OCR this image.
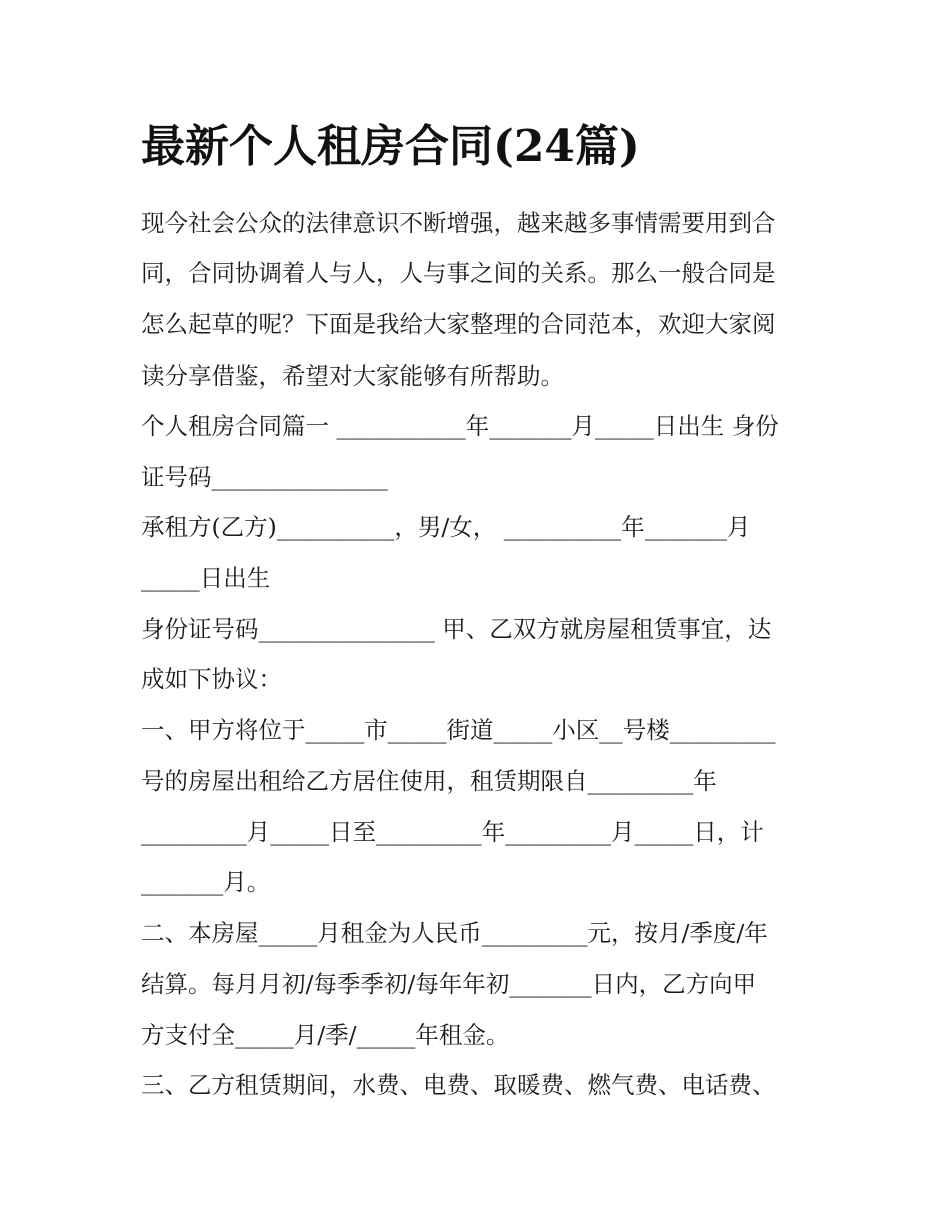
最新个人租房合同(24篇)

现今社会公众的法律意识不断增强，越来越多事情需要用到合

同，合同协调着人与人，人与事之间的关系。那么一般合同是

怎么起草的呢？下面是我给大家整理的合同范本，欢迎大家阅

读分享借鉴，希望对大家能够有所帮助。

个人租房合同篇一 ___________年_______月_____日出生 身份

证号码_______________

承租方(乙方)__________，男/女， __________年_______月

_____日出生

身份证号码_______________ 甲、乙双方就房屋租赁事宜，达

成如下协议：

一、甲方将位于_____市_____街道_____小区__号楼_________

号的房屋出租给乙方居住使用，租赁期限自_________年

_________月_____日至_________年_________月_____日，计

_______月。

二、本房屋_____月租金为人民币_________元，按月/季度/年

结算。每月月初/每季季初/每年年初_______日内，乙方向甲

方支付全_____月/季/_____年租金。

三、乙方租赁期间，水费、电费、取暖费、燃气费、电话费、
